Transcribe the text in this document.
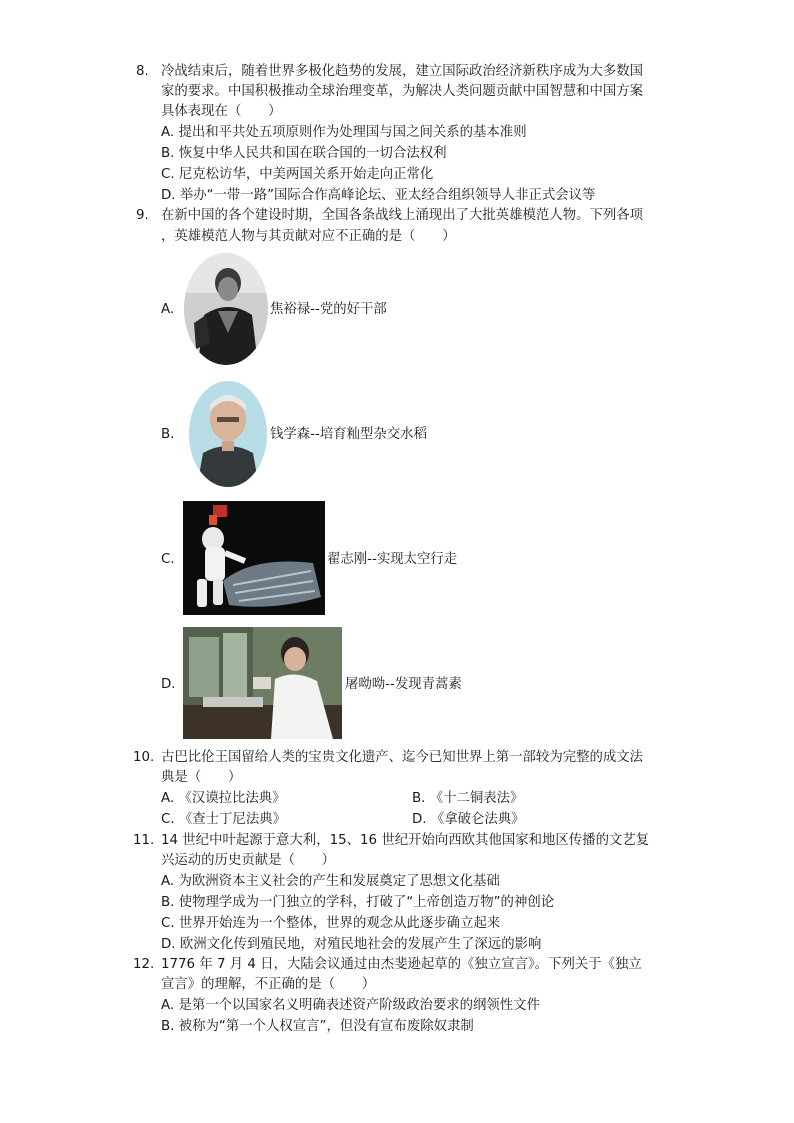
8. 冷战结束后，随着世界多极化趋势的发展，建立国际政治经济新秩序成为大多数国
家的要求。中国积极推动全球治理变革，为解决人类问题贡献中国智慧和中国方案
具体表现在（　　）
A. 提出和平共处五项原则作为处理国与国之间关系的基本准则
B. 恢复中华人民共和国在联合国的一切合法权利
C. 尼克松访华，中美两国关系开始走向正常化
D. 举办“一带一路”国际合作高峰论坛、亚太经合组织领导人非正式会议等
9. 在新中国的各个建设时期，全国各条战线上涌现出了大批英雄模范人物。下列各项
，英雄模范人物与其贡献对应不正确的是（　　）
A.	焦裕禄--党的好干部
B.	钱学森--培育籼型杂交水稻
C.	翟志刚--实现太空行走
D.	屠呦呦--发现青蒿素
10. 古巴比伦王国留给人类的宝贵文化遗产、迄今已知世界上第一部较为完整的成文法
典是（　　）
A. 《汉谟拉比法典》	B. 《十二铜表法》
C. 《查士丁尼法典》	D. 《拿破仑法典》
11. 14 世纪中叶起源于意大利，15、16 世纪开始向西欧其他国家和地区传播的文艺复
兴运动的历史贡献是（　　）
A. 为欧洲资本主义社会的产生和发展奠定了思想文化基础
B. 使物理学成为一门独立的学科，打破了“上帝创造万物”的神创论
C. 世界开始连为一个整体，世界的观念从此逐步确立起来
D. 欧洲文化传到殖民地，对殖民地社会的发展产生了深远的影响
12. 1776 年 7 月 4 日，大陆会议通过由杰斐逊起草的《独立宣言》。下列关于《独立
宣言》的理解，不正确的是（　　）
A. 是第一个以国家名义明确表述资产阶级政治要求的纲领性文件
B. 被称为“第一个人权宣言”，但没有宣布废除奴隶制
